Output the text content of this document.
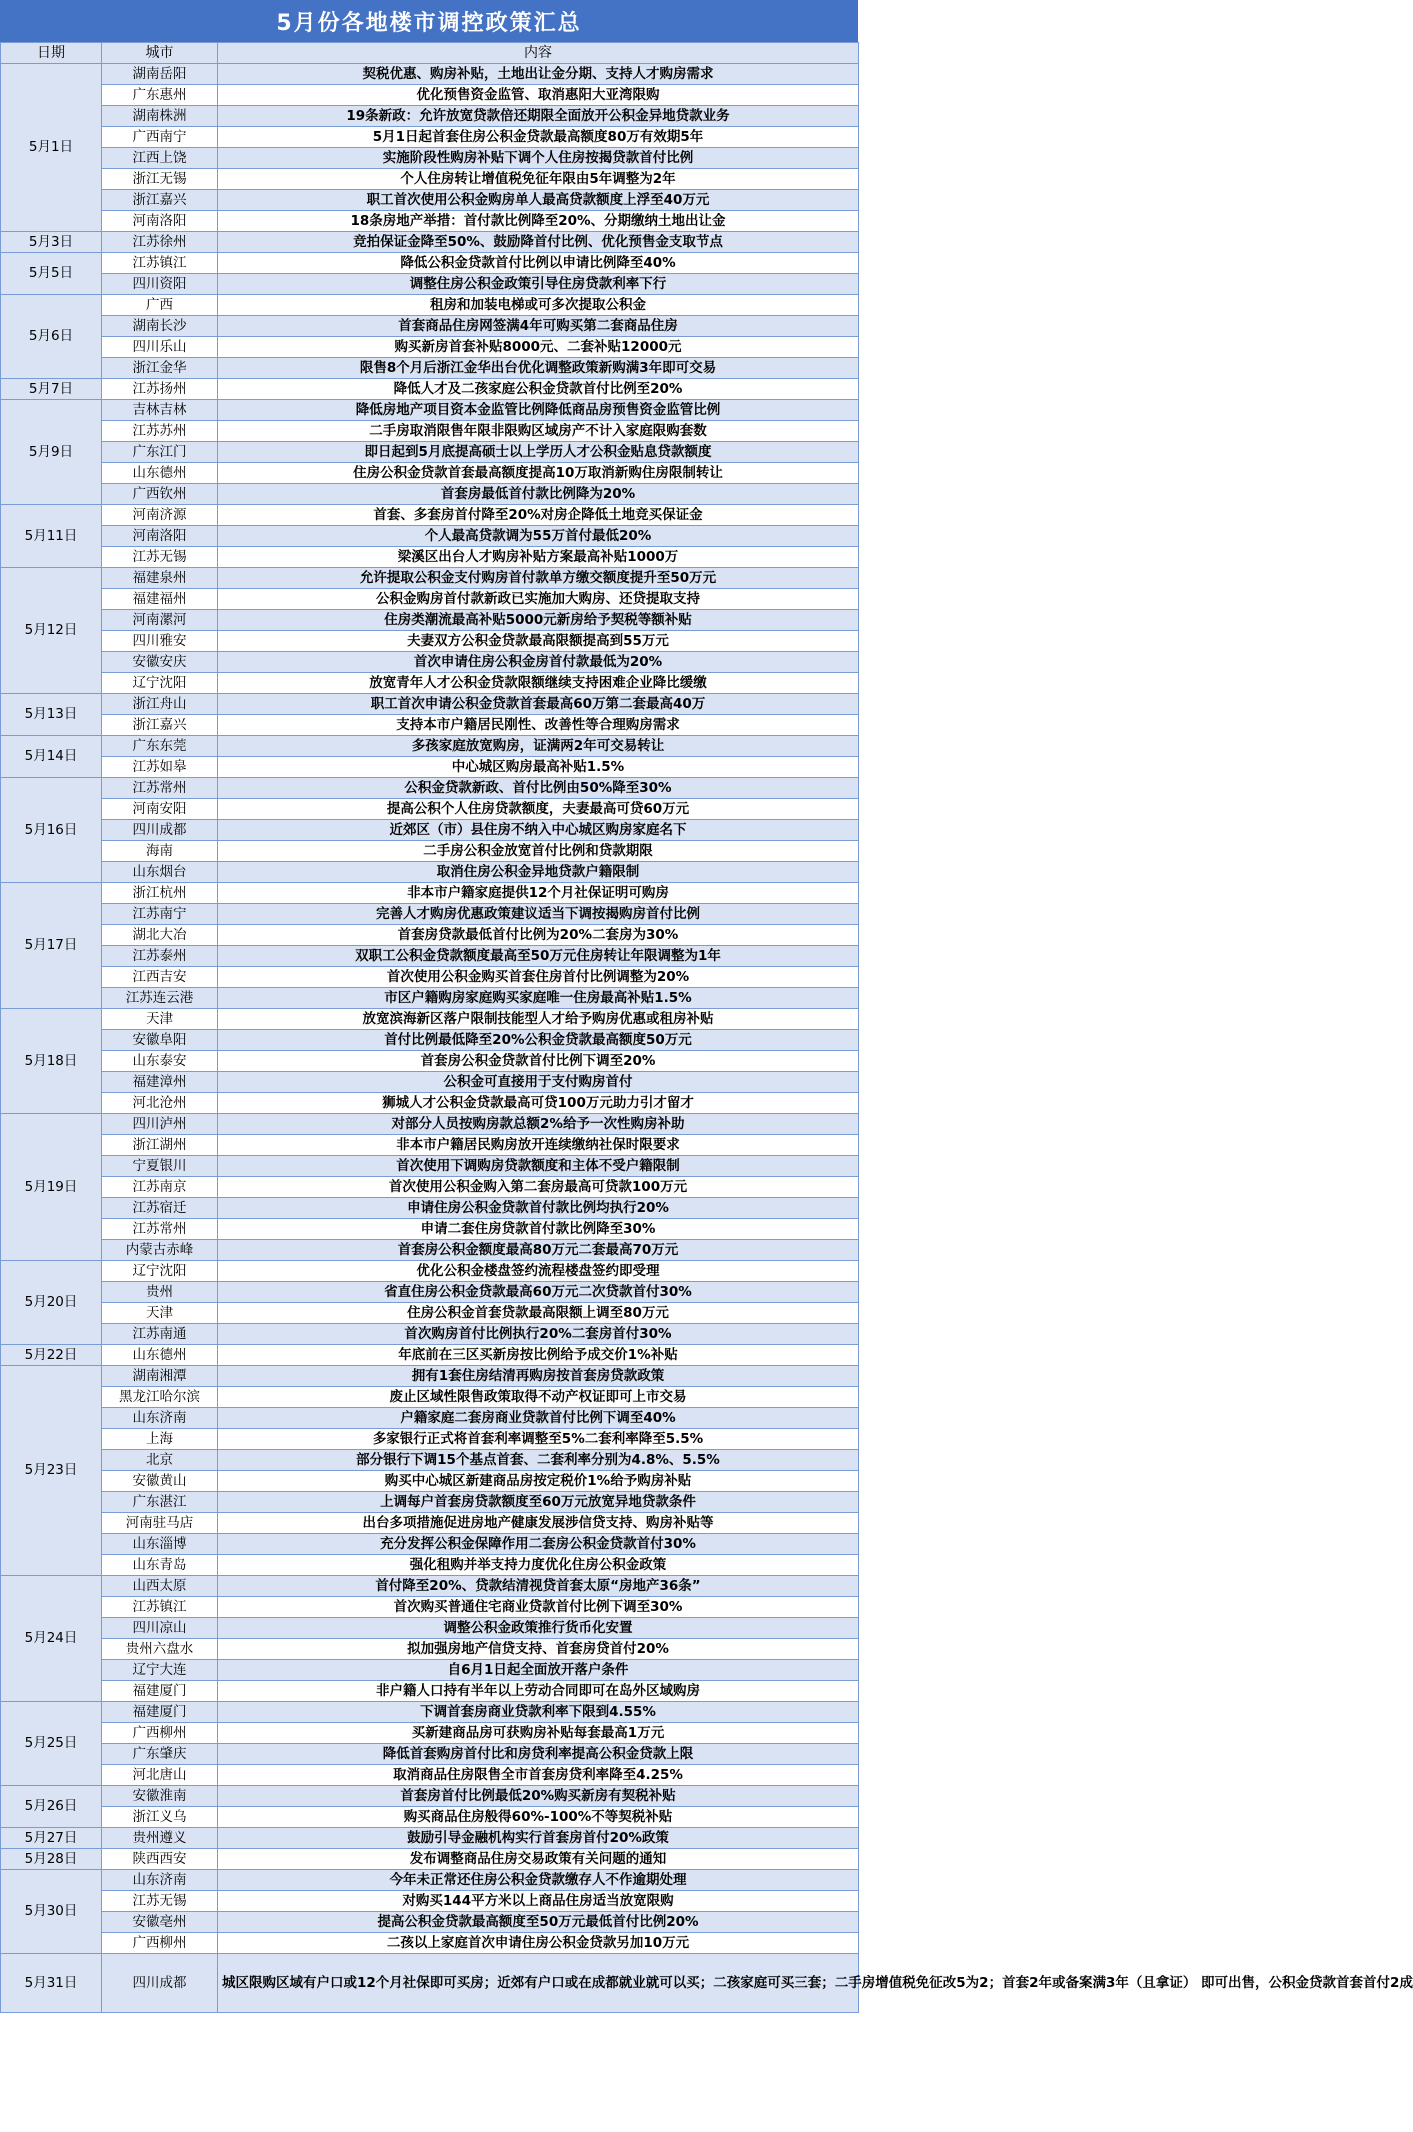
5月份各地楼市调控政策汇总
日期	城市	内容
5月1日	湖南岳阳	契税优惠、购房补贴，土地出让金分期、支持人才购房需求
	广东惠州	优化预售资金监管、取消惠阳大亚湾限购
	湖南株洲	19条新政：允许放宽贷款倍还期限全面放开公积金异地贷款业务
	广西南宁	5月1日起首套住房公积金贷款最高额度80万有效期5年
	江西上饶	实施阶段性购房补贴下调个人住房按揭贷款首付比例
	浙江无锡	个人住房转让增值税免征年限由5年调整为2年
	浙江嘉兴	职工首次使用公积金购房单人最高贷款额度上浮至40万元
	河南洛阳	18条房地产举措：首付款比例降至20%、分期缴纳土地出让金
5月3日	江苏徐州	竞拍保证金降至50%、鼓励降首付比例、优化预售金支取节点
5月5日	江苏镇江	降低公积金贷款首付比例以申请比例降至40%
	四川资阳	调整住房公积金政策引导住房贷款利率下行
5月6日	广西	租房和加装电梯或可多次提取公积金
	湖南长沙	首套商品住房网签满4年可购买第二套商品住房
	四川乐山	购买新房首套补贴8000元、二套补贴12000元
	浙江金华	限售8个月后浙江金华出台优化调整政策新购满3年即可交易
5月7日	江苏扬州	降低人才及二孩家庭公积金贷款首付比例至20%
5月9日	吉林吉林	降低房地产项目资本金监管比例降低商品房预售资金监管比例
	江苏苏州	二手房取消限售年限非限购区域房产不计入家庭限购套数
	广东江门	即日起到5月底提高硕士以上学历人才公积金贴息贷款额度
	山东德州	住房公积金贷款首套最高额度提高10万取消新购住房限制转让
	广西钦州	首套房最低首付款比例降为20%
5月11日	河南济源	首套、多套房首付降至20%对房企降低土地竞买保证金
	河南洛阳	个人最高贷款调为55万首付最低20%
	江苏无锡	梁溪区出台人才购房补贴方案最高补贴1000万
5月12日	福建泉州	允许提取公积金支付购房首付款单方缴交额度提升至50万元
	福建福州	公积金购房首付款新政已实施加大购房、还贷提取支持
	河南漯河	住房类潮流最高补贴5000元新房给予契税等额补贴
	四川雅安	夫妻双方公积金贷款最高限额提高到55万元
	安徽安庆	首次申请住房公积金房首付款最低为20%
	辽宁沈阳	放宽青年人才公积金贷款限额继续支持困难企业降比缓缴
5月13日	浙江舟山	职工首次申请公积金贷款首套最高60万第二套最高40万
	浙江嘉兴	支持本市户籍居民刚性、改善性等合理购房需求
5月14日	广东东莞	多孩家庭放宽购房，证满两2年可交易转让
	江苏如皋	中心城区购房最高补贴1.5%
5月16日	江苏常州	公积金贷款新政、首付比例由50%降至30%
	河南安阳	提高公积个人住房贷款额度，夫妻最高可贷60万元
	四川成都	近郊区（市）县住房不纳入中心城区购房家庭名下
	海南	二手房公积金放宽首付比例和贷款期限
	山东烟台	取消住房公积金异地贷款户籍限制
5月17日	浙江杭州	非本市户籍家庭提供12个月社保证明可购房
	江苏南宁	完善人才购房优惠政策建议适当下调按揭购房首付比例
	湖北大冶	首套房贷款最低首付比例为20%二套房为30%
	江苏泰州	双职工公积金贷款额度最高至50万元住房转让年限调整为1年
	江西吉安	首次使用公积金购买首套住房首付比例调整为20%
	江苏连云港	市区户籍购房家庭购买家庭唯一住房最高补贴1.5%
5月18日	天津	放宽滨海新区落户限制技能型人才给予购房优惠或租房补贴
	安徽阜阳	首付比例最低降至20%公积金贷款最高额度50万元
	山东泰安	首套房公积金贷款首付比例下调至20%
	福建漳州	公积金可直接用于支付购房首付
	河北沧州	狮城人才公积金贷款最高可贷100万元助力引才留才
5月19日	四川泸州	对部分人员按购房款总额2%给予一次性购房补助
	浙江湖州	非本市户籍居民购房放开连续缴纳社保时限要求
	宁夏银川	首次使用下调购房贷款额度和主体不受户籍限制
	江苏南京	首次使用公积金购入第二套房最高可贷款100万元
	江苏宿迁	申请住房公积金贷款首付款比例均执行20%
	江苏常州	申请二套住房贷款首付款比例降至30%
	内蒙古赤峰	首套房公积金额度最高80万元二套最高70万元
5月20日	辽宁沈阳	优化公积金楼盘签约流程楼盘签约即受理
	贵州	省直住房公积金贷款最高60万元二次贷款首付30%
	天津	住房公积金首套贷款最高限额上调至80万元
	江苏南通	首次购房首付比例执行20%二套房首付30%
5月22日	山东德州	年底前在三区买新房按比例给予成交价1%补贴
5月23日	湖南湘潭	拥有1套住房结清再购房按首套房贷款政策
	黑龙江哈尔滨	废止区域性限售政策取得不动产权证即可上市交易
	山东济南	户籍家庭二套房商业贷款首付比例下调至40%
	上海	多家银行正式将首套利率调整至5%二套利率降至5.5%
	北京	部分银行下调15个基点首套、二套利率分别为4.8%、5.5%
	安徽黄山	购买中心城区新建商品房按定税价1%给予购房补贴
	广东湛江	上调每户首套房贷款额度至60万元放宽异地贷款条件
	河南驻马店	出台多项措施促进房地产健康发展涉信贷支持、购房补贴等
	山东淄博	充分发挥公积金保障作用二套房公积金贷款首付30%
	山东青岛	强化租购并举支持力度优化住房公积金政策
5月24日	山西太原	首付降至20%、贷款结清视贷首套太原“房地产36条”
	江苏镇江	首次购买普通住宅商业贷款首付比例下调至30%
	四川凉山	调整公积金政策推行货币化安置
	贵州六盘水	拟加强房地产信贷支持、首套房贷首付20%
	辽宁大连	自6月1日起全面放开落户条件
	福建厦门	非户籍人口持有半年以上劳动合同即可在岛外区域购房
5月25日	福建厦门	下调首套房商业贷款利率下限到4.55%
	广西柳州	买新建商品房可获购房补贴每套最高1万元
	广东肇庆	降低首套购房首付比和房贷利率提高公积金贷款上限
	河北唐山	取消商品住房限售全市首套房贷利率降至4.25%
5月26日	安徽淮南	首套房首付比例最低20%购买新房有契税补贴
	浙江义乌	购买商品住房般得60%-100%不等契税补贴
5月27日	贵州遵义	鼓励引导金融机构实行首套房首付20%政策
5月28日	陕西西安	发布调整商品住房交易政策有关问题的通知
5月30日	山东济南	今年未正常还住房公积金贷款缴存人不作逾期处理
	江苏无锡	对购买144平方米以上商品住房适当放宽限购
	安徽亳州	提高公积金贷款最高额度至50万元最低首付比例20%
	广西柳州	二孩以上家庭首次申请住房公积金贷款另加10万元
5月31日	四川成都	城区限购区域有户口或12个月社保即可买房；近郊有户口或在成都就业就可以买；二孩家庭可买三套；二手房增值税免征改5为2；首套2年或备案满3年（且拿证） 即可出售，公积金贷款首套首付2成
